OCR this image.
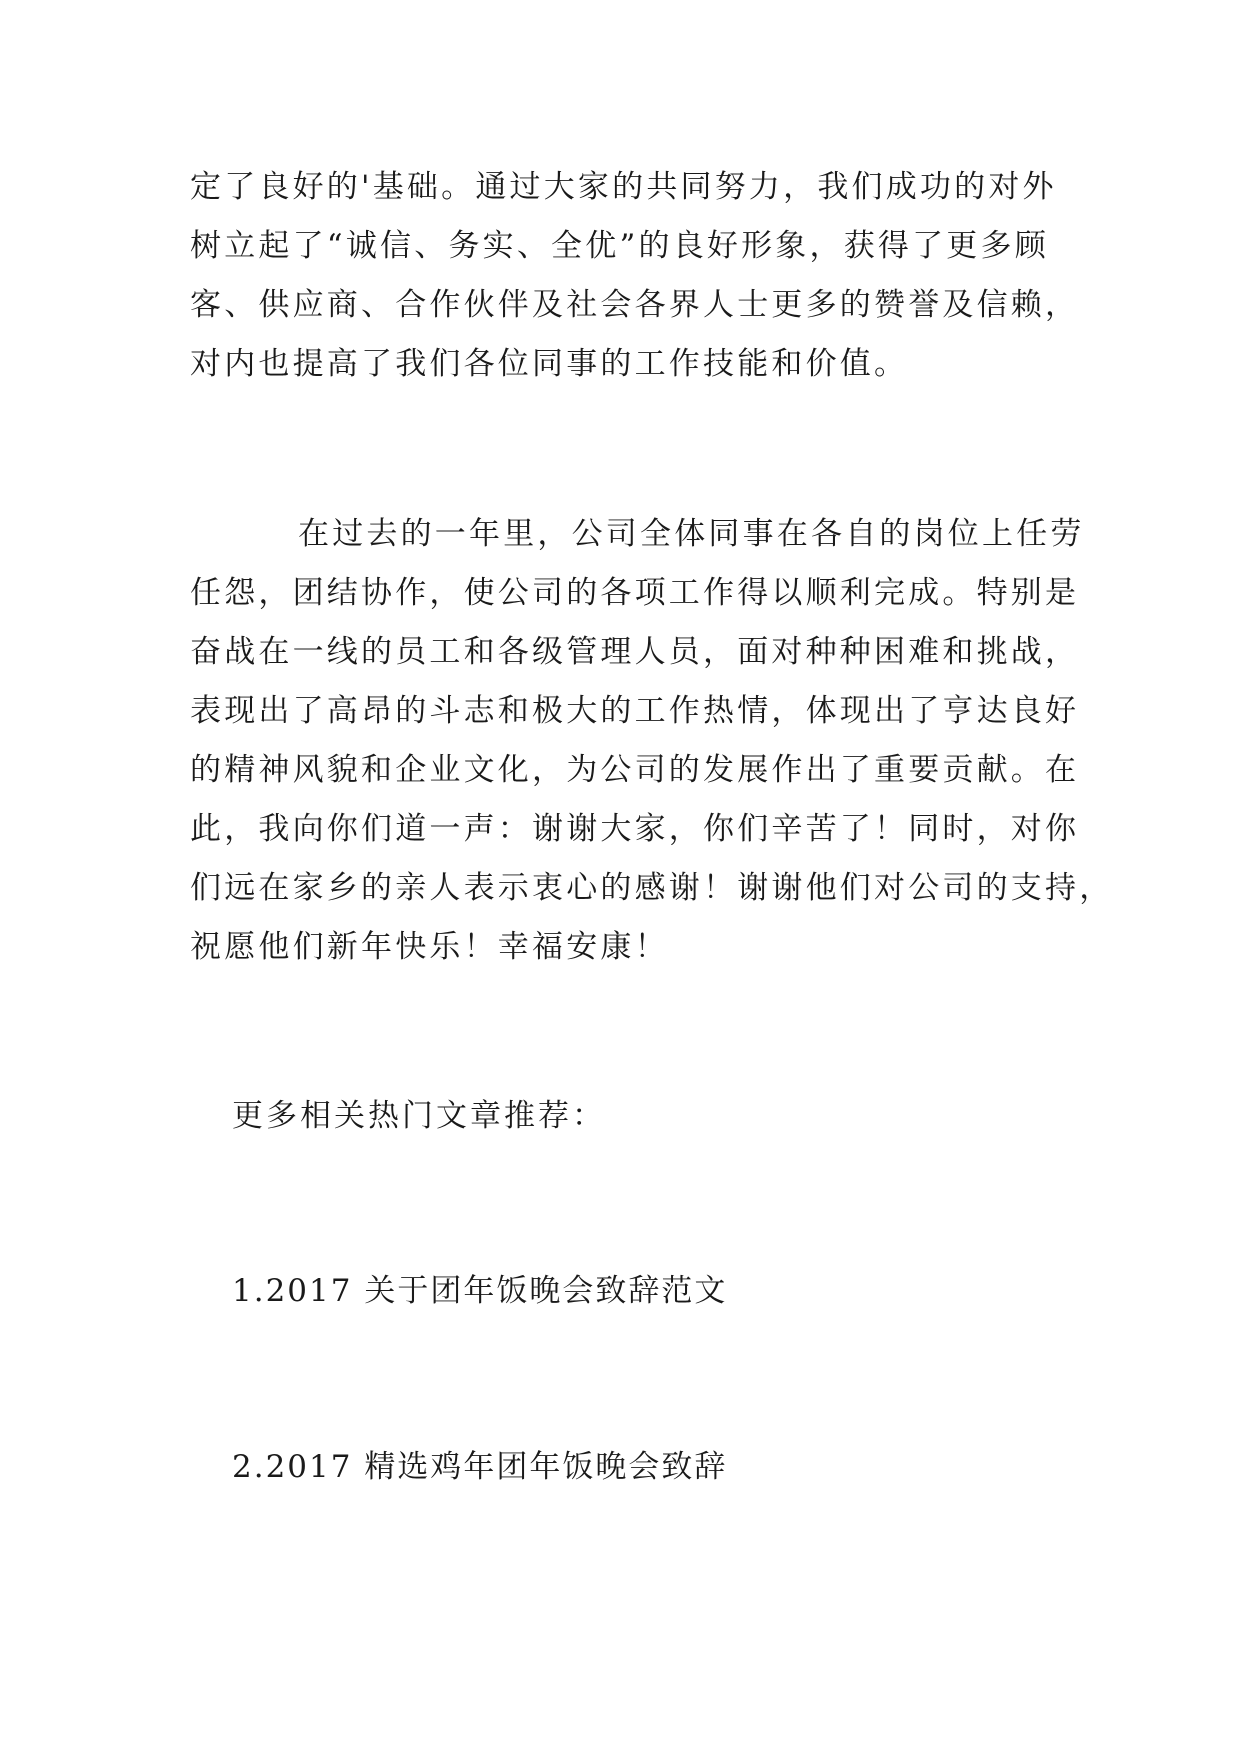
定了良好的'基础。通过大家的共同努力，我们成功的对外
树立起了“诚信、务实、全优”的良好形象，获得了更多顾
客、供应商、合作伙伴及社会各界人士更多的赞誉及信赖，
对内也提高了我们各位同事的工作技能和价值。

在过去的一年里，公司全体同事在各自的岗位上任劳
任怨，团结协作，使公司的各项工作得以顺利完成。特别是
奋战在一线的员工和各级管理人员，面对种种困难和挑战，
表现出了高昂的斗志和极大的工作热情，体现出了亨达良好
的精神风貌和企业文化，为公司的发展作出了重要贡献。在
此，我向你们道一声：谢谢大家，你们辛苦了！同时，对你
们远在家乡的亲人表示衷心的感谢！谢谢他们对公司的支持，
祝愿他们新年快乐！幸福安康！

更多相关热门文章推荐：

1.2017 关于团年饭晚会致辞范文
2.2017 精选鸡年团年饭晚会致辞
